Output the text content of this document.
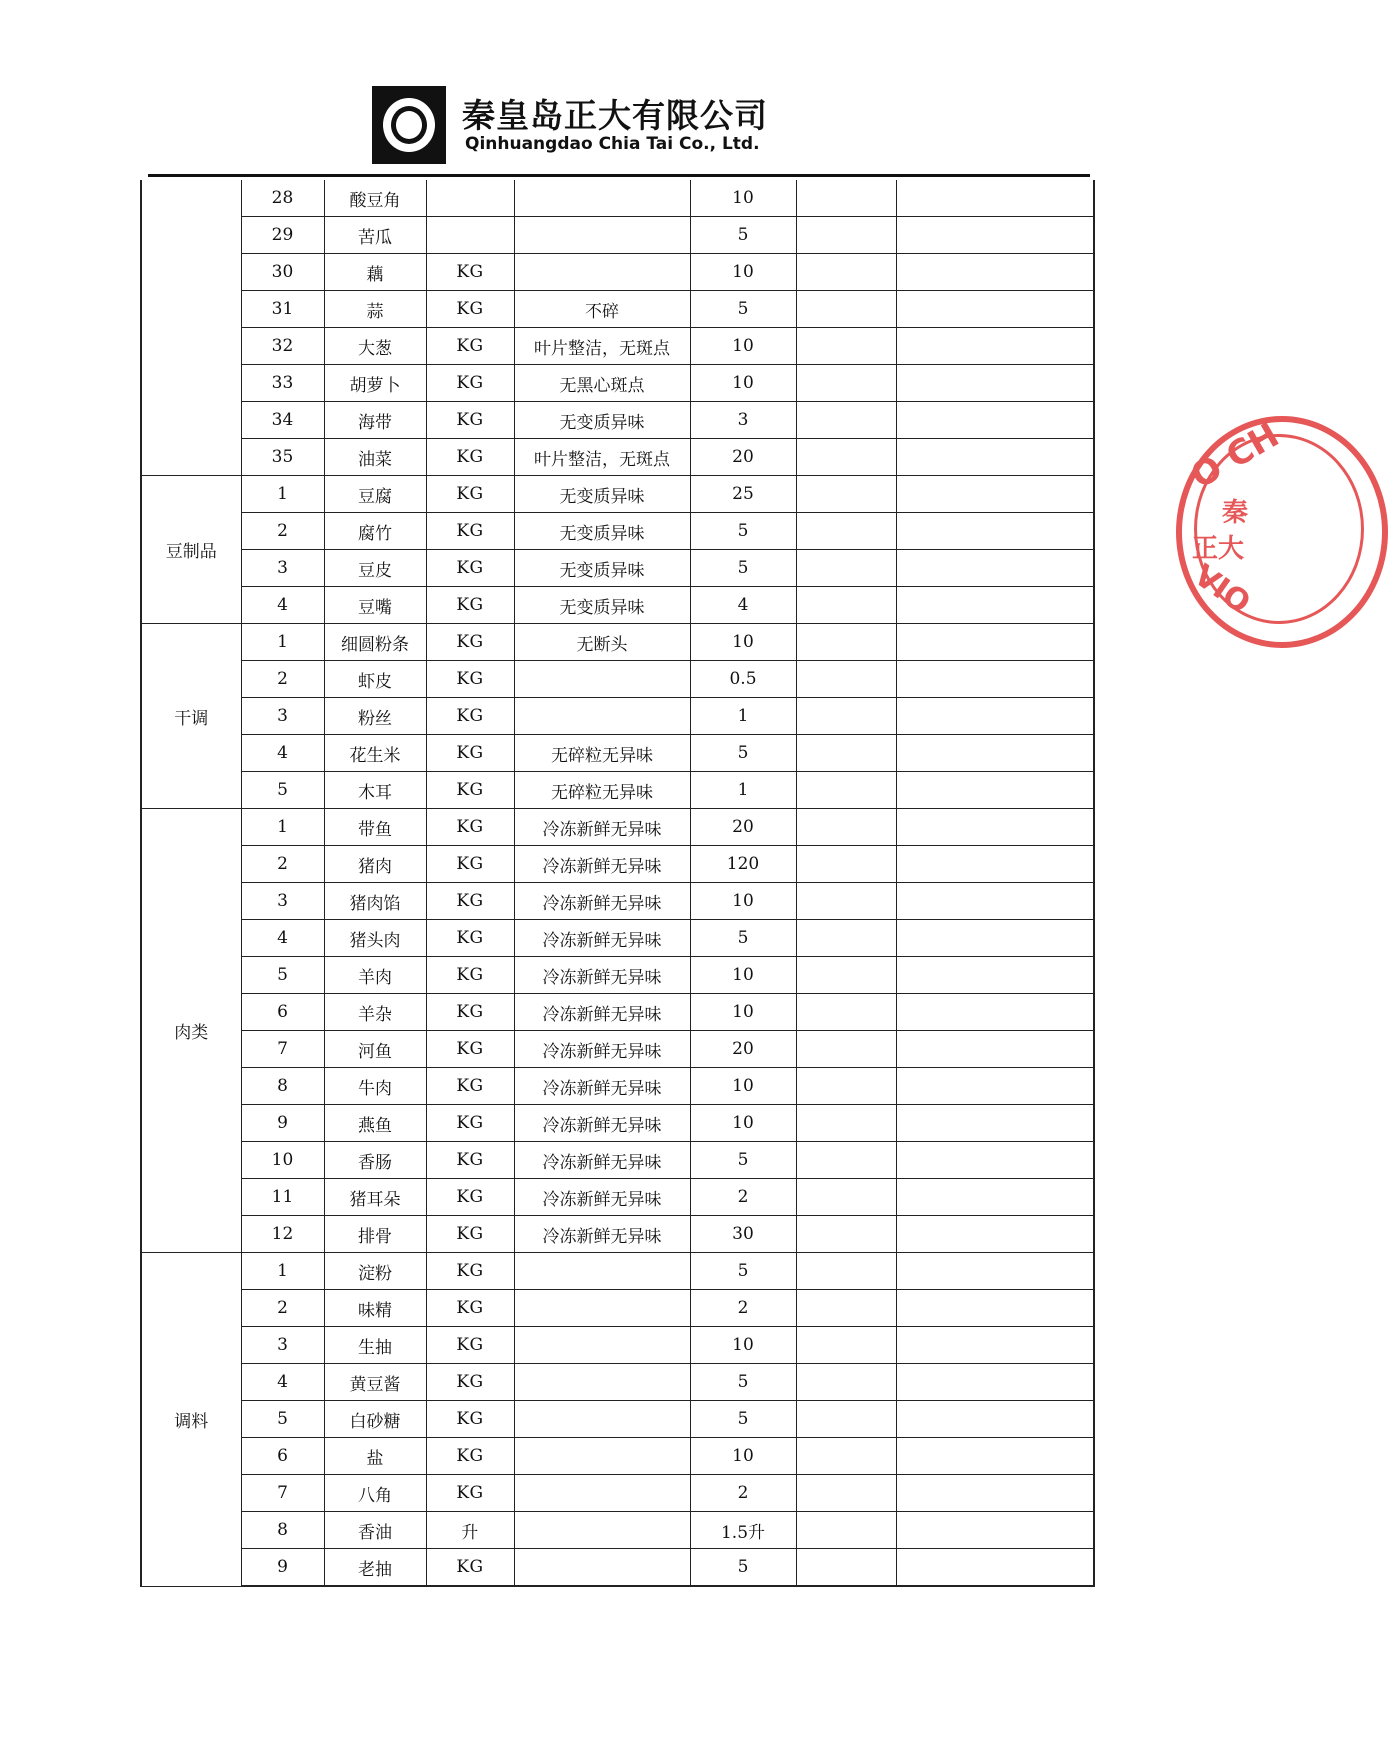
秦皇岛正大有限公司
Qinhuangdao Chia Tai Co., Ltd.
	28	酸豆角			10		
	29	苦瓜			5		
	30	藕	KG		10		
	31	蒜	KG	不碎	5		
	32	大葱	KG	叶片整洁，无斑点	10		
	33	胡萝卜	KG	无黑心斑点	10		
	34	海带	KG	无变质异味	3		
	35	油菜	KG	叶片整洁，无斑点	20		
豆制品	1	豆腐	KG	无变质异味	25		
	2	腐竹	KG	无变质异味	5		
	3	豆皮	KG	无变质异味	5		
	4	豆嘴	KG	无变质异味	4		
干调	1	细圆粉条	KG	无断头	10		
	2	虾皮	KG		0.5		
	3	粉丝	KG		1		
	4	花生米	KG	无碎粒无异味	5		
	5	木耳	KG	无碎粒无异味	1		
肉类	1	带鱼	KG	冷冻新鲜无异味	20		
	2	猪肉	KG	冷冻新鲜无异味	120		
	3	猪肉馅	KG	冷冻新鲜无异味	10		
	4	猪头肉	KG	冷冻新鲜无异味	5		
	5	羊肉	KG	冷冻新鲜无异味	10		
	6	羊杂	KG	冷冻新鲜无异味	10		
	7	河鱼	KG	冷冻新鲜无异味	20		
	8	牛肉	KG	冷冻新鲜无异味	10		
	9	燕鱼	KG	冷冻新鲜无异味	10		
	10	香肠	KG	冷冻新鲜无异味	5		
	11	猪耳朵	KG	冷冻新鲜无异味	2		
	12	排骨	KG	冷冻新鲜无异味	30		
调料	1	淀粉	KG		5		
	2	味精	KG		2		
	3	生抽	KG		10		
	4	黄豆酱	KG		5		
	5	白砂糖	KG		5		
	6	盐	KG		10		
	7	八角	KG		2		
	8	香油	升		1.5升		
	9	老抽	KG		5		
O CH
秦
正大
VIO
